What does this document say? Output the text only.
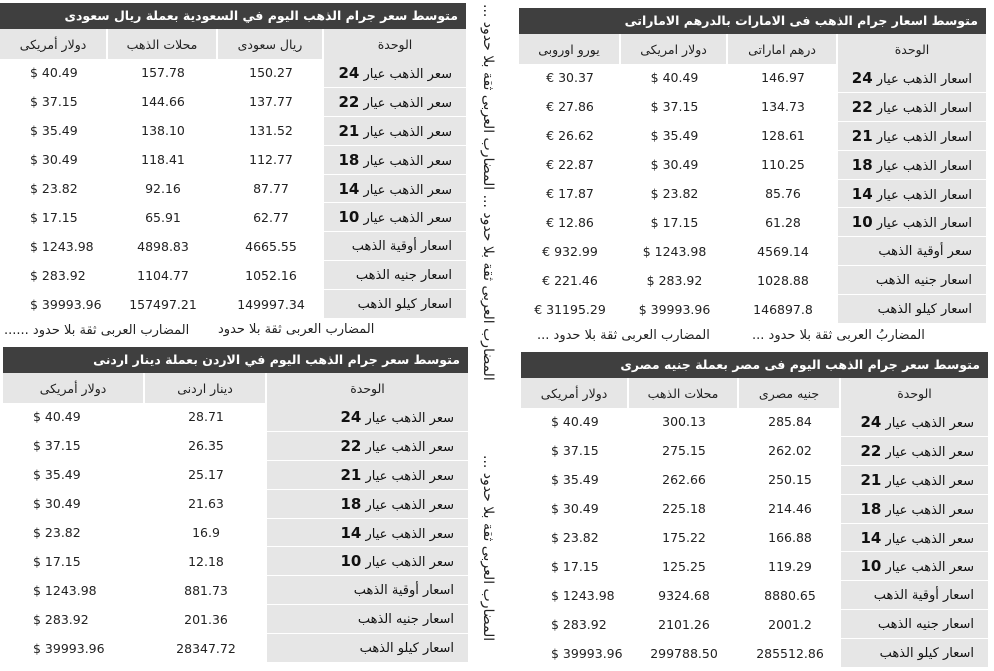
متوسط سعر جرام الذهب اليوم في السعودية بعملة ريال سعودى
دولار أمريكى	محلات الذهب	ريال سعودى	الوحدة
$ 40.49	157.78	150.27	سعر الذهب عيار 24
$ 37.15	144.66	137.77	سعر الذهب عيار 22
$ 35.49	138.10	131.52	سعر الذهب عيار 21
$ 30.49	118.41	112.77	سعر الذهب عيار 18
$ 23.82	92.16	87.77	سعر الذهب عيار 14
$ 17.15	65.91	62.77	سعر الذهب عيار 10
$ 1243.98	4898.83	4665.55	اسعار أوقية الذهب
$ 283.92	1104.77	1052.16	اسعار جنيه الذهب
$ 39993.96	157497.21	149997.34	اسعار كيلو الذهب
متوسط اسعار جرام الذهب فى الامارات بالدرهم الاماراتى
يورو اوروبى	دولار امريكى	درهم اماراتى	الوحدة
€ 30.37	$ 40.49	146.97	اسعار الذهب عيار 24
€ 27.86	$ 37.15	134.73	اسعار الذهب عيار 22
€ 26.62	$ 35.49	128.61	اسعار الذهب عيار 21
€ 22.87	$ 30.49	110.25	اسعار الذهب عيار 18
€ 17.87	$ 23.82	85.76	اسعار الذهب عيار 14
€ 12.86	$ 17.15	61.28	اسعار الذهب عيار 10
€ 932.99	$ 1243.98	4569.14	سعر أوقية الذهب
€ 221.46	$ 283.92	1028.88	اسعار جنيه الذهب
€ 31195.29	$ 39993.96	146897.8	اسعار كيلو الذهب
متوسط سعر جرام الذهب اليوم في الاردن بعملة دينار اردنى
دولار أمريكى	دينار اردنى	الوحدة
$ 40.49	28.71	سعر الذهب عيار 24
$ 37.15	26.35	سعر الذهب عيار 22
$ 35.49	25.17	سعر الذهب عيار 21
$ 30.49	21.63	سعر الذهب عيار 18
$ 23.82	16.9	سعر الذهب عيار 14
$ 17.15	12.18	سعر الذهب عيار 10
$ 1243.98	881.73	اسعار أوقية الذهب
$ 283.92	201.36	اسعار جنيه الذهب
$ 39993.96	28347.72	اسعار كيلو الذهب
متوسط سعر جرام الذهب اليوم فى مصر بعملة جنيه مصرى
دولار أمريكى	محلات الذهب	جنيه مصرى	الوحدة
$ 40.49	300.13	285.84	سعر الذهب عيار 24
$ 37.15	275.15	262.02	سعر الذهب عيار 22
$ 35.49	262.66	250.15	سعر الذهب عيار 21
$ 30.49	225.18	214.46	سعر الذهب عيار 18
$ 23.82	175.22	166.88	سعر الذهب عيار 14
$ 17.15	125.25	119.29	سعر الذهب عيار 10
$ 1243.98	9324.68	8880.65	اسعار أوقية الذهب
$ 283.92	2101.26	2001.2	اسعار جنيه الذهب
$ 39993.96	299788.50	285512.86	اسعار كيلو الذهب
المضارب العربى ثقة بلا حدود ...... المضارب العربى ثقة بلا حدود	المضارب العربى ثقة بلا حدود ...	المضاربُ العربى ثقة بلا حدود ...
المضارب العربى ثقة بلا حدود ... المضارب العربى ثقة بلا حدود ...
المضارب العربى ثقة بلا حدود ...
